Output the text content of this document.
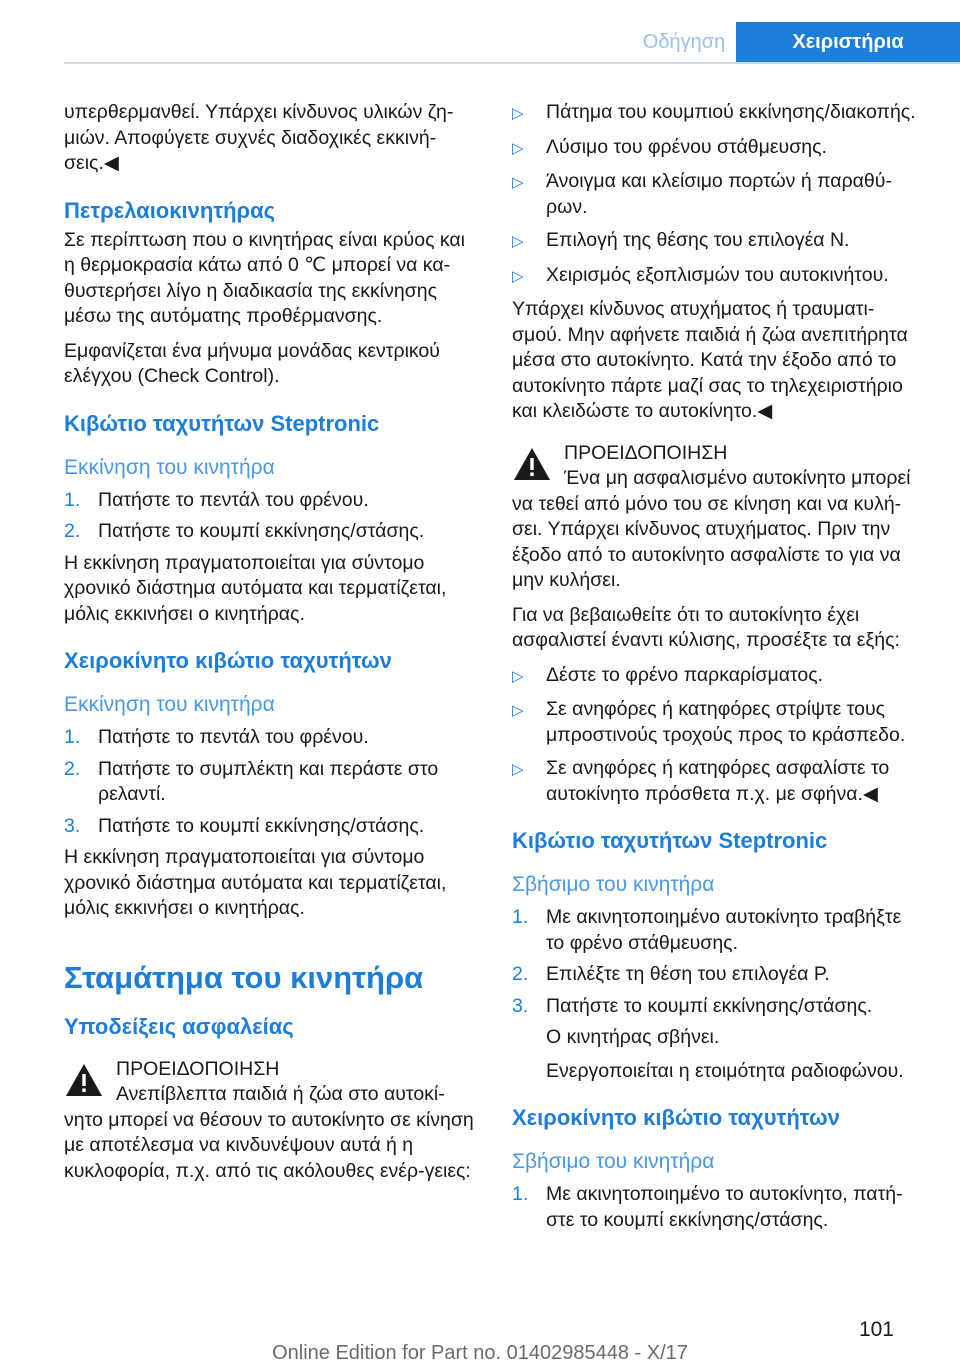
Οδήγηση	Χειριστήρια

υπερθερμανθεί. Υπάρχει κίνδυνος υλικών ζη-μιών. Αποφύγετε συχνές διαδοχικές εκκινή-σεις.◀

Πετρελαιοκινητήρας

Σε περίπτωση που ο κινητήρας είναι κρύος και η θερμοκρασία κάτω από 0 ℃ μπορεί να κα-θυστερήσει λίγο η διαδικασία της εκκίνησης μέσω της αυτόματης προθέρμανσης.

Εμφανίζεται ένα μήνυμα μονάδας κεντρικού ελέγχου (Check Control).

Κιβώτιο ταχυτήτων Steptronic
Εκκίνηση του κινητήρα
1. Πατήστε το πεντάλ του φρένου.
2. Πατήστε το κουμπί εκκίνησης/στάσης.

Η εκκίνηση πραγματοποιείται για σύντομο χρονικό διάστημα αυτόματα και τερματίζεται, μόλις εκκινήσει ο κινητήρας.

Χειροκίνητο κιβώτιο ταχυτήτων
Εκκίνηση του κινητήρα
1. Πατήστε το πεντάλ του φρένου.
2. Πατήστε το συμπλέκτη και περάστε στο ρελαντί.
3. Πατήστε το κουμπί εκκίνησης/στάσης.

Η εκκίνηση πραγματοποιείται για σύντομο χρονικό διάστημα αυτόματα και τερματίζεται, μόλις εκκινήσει ο κινητήρας.

Σταμάτημα του κινητήρα
Υποδείξεις ασφαλείας
ΠΡΟΕΙΔΟΠΟΙΗΣΗ
Ανεπίβλεπτα παιδιά ή ζώα στο αυτοκί-νητο μπορεί να θέσουν το αυτοκίνητο σε κίνηση με αποτέλεσμα να κινδυνέψουν αυτά ή η κυκλοφορία, π.χ. από τις ακόλουθες ενέρ-γειες:
▷	Πάτημα του κουμπιού εκκίνησης/διακοπής.
▷	Λύσιμο του φρένου στάθμευσης.
▷	Άνοιγμα και κλείσιμο πορτών ή παραθύ-ρων.
▷	Επιλογή της θέσης του επιλογέα N.
▷	Χειρισμός εξοπλισμών του αυτοκινήτου.

Υπάρχει κίνδυνος ατυχήματος ή τραυματι-σμού. Μην αφήνετε παιδιά ή ζώα ανεπιτήρητα μέσα στο αυτοκίνητο. Κατά την έξοδο από το αυτοκίνητο πάρτε μαζί σας το τηλεχειριστήριο και κλειδώστε το αυτοκίνητο.◀

ΠΡΟΕΙΔΟΠΟΙΗΣΗ
Ένα μη ασφαλισμένο αυτοκίνητο μπορεί να τεθεί από μόνο του σε κίνηση και να κυλή-σει. Υπάρχει κίνδυνος ατυχήματος. Πριν την έξοδο από το αυτοκίνητο ασφαλίστε το για να μην κυλήσει.

Για να βεβαιωθείτε ότι το αυτοκίνητο έχει ασφαλιστεί έναντι κύλισης, προσέξτε τα εξής:

▷	Δέστε το φρένο παρκαρίσματος.
▷	Σε ανηφόρες ή κατηφόρες στρίψτε τους μπροστινούς τροχούς προς το κράσπεδο.
▷	Σε ανηφόρες ή κατηφόρες ασφαλίστε το αυτοκίνητο πρόσθετα π.χ. με σφήνα.◀
Κιβώτιο ταχυτήτων Steptronic
Σβήσιμο του κινητήρα
1. Με ακινητοποιημένο αυτοκίνητο τραβήξτε το φρένο στάθμευσης.
2. Επιλέξτε τη θέση του επιλογέα P.
3. Πατήστε το κουμπί εκκίνησης/στάσης.
Ο κινητήρας σβήνει.
Ενεργοποιείται η ετοιμότητα ραδιοφώνου.
Χειροκίνητο κιβώτιο ταχυτήτων
Σβήσιμο του κινητήρα
1. Με ακινητοποιημένο το αυτοκίνητο, πατή-στε το κουμπί εκκίνησης/στάσης.
101
Online Edition for Part no. 01402985448 - X/17
